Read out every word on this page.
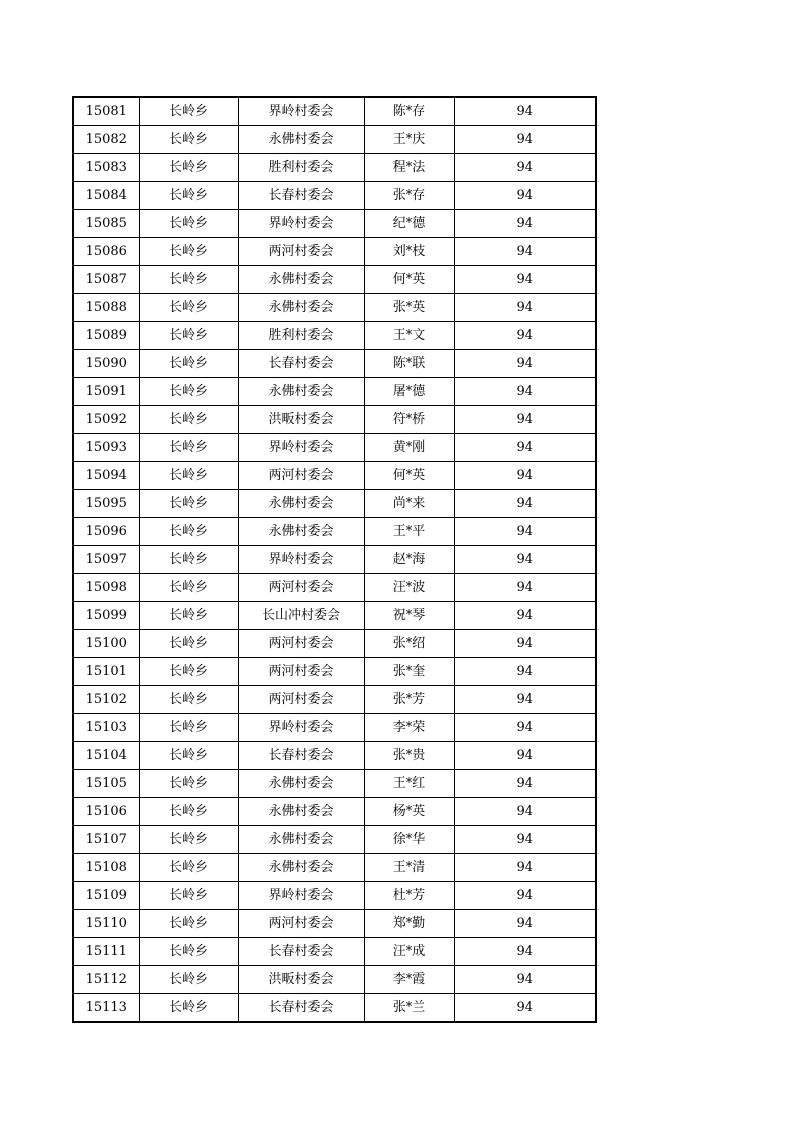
15081	长岭乡	界岭村委会	陈*存	94
15082	长岭乡	永佛村委会	王*庆	94
15083	长岭乡	胜利村委会	程*法	94
15084	长岭乡	长春村委会	张*存	94
15085	长岭乡	界岭村委会	纪*德	94
15086	长岭乡	两河村委会	刘*枝	94
15087	长岭乡	永佛村委会	何*英	94
15088	长岭乡	永佛村委会	张*英	94
15089	长岭乡	胜利村委会	王*文	94
15090	长岭乡	长春村委会	陈*联	94
15091	长岭乡	永佛村委会	屠*德	94
15092	长岭乡	洪畈村委会	符*桥	94
15093	长岭乡	界岭村委会	黄*刚	94
15094	长岭乡	两河村委会	何*英	94
15095	长岭乡	永佛村委会	尚*来	94
15096	长岭乡	永佛村委会	王*平	94
15097	长岭乡	界岭村委会	赵*海	94
15098	长岭乡	两河村委会	汪*波	94
15099	长岭乡	长山冲村委会	祝*琴	94
15100	长岭乡	两河村委会	张*绍	94
15101	长岭乡	两河村委会	张*奎	94
15102	长岭乡	两河村委会	张*芳	94
15103	长岭乡	界岭村委会	李*荣	94
15104	长岭乡	长春村委会	张*贵	94
15105	长岭乡	永佛村委会	王*红	94
15106	长岭乡	永佛村委会	杨*英	94
15107	长岭乡	永佛村委会	徐*华	94
15108	长岭乡	永佛村委会	王*清	94
15109	长岭乡	界岭村委会	杜*芳	94
15110	长岭乡	两河村委会	郑*勤	94
15111	长岭乡	长春村委会	汪*成	94
15112	长岭乡	洪畈村委会	李*霞	94
15113	长岭乡	长春村委会	张*兰	94
